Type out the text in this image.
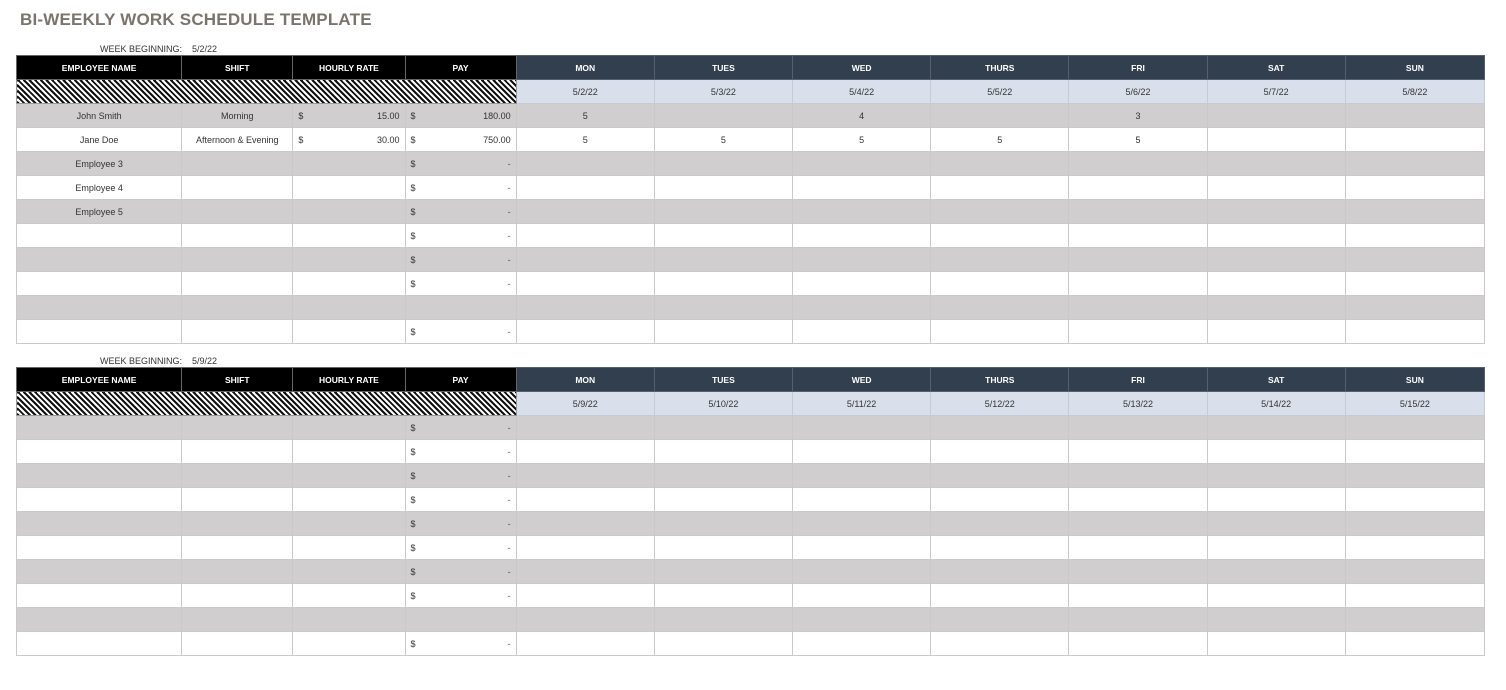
BI-WEEKLY WORK SCHEDULE TEMPLATE
WEEK BEGINNING: 5/2/22
EMPLOYEE NAME	SHIFT	HOURLY RATE	PAY	MON	TUES	WED	THURS	FRI	SAT	SUN
				5/2/22	5/3/22	5/4/22	5/5/22	5/6/22	5/7/22	5/8/22
John Smith	Morning	$ 15.00	$ 180.00	5		4		3		
Jane Doe	Afternoon & Evening	$ 30.00	$ 750.00	5	5	5	5	5		
Employee 3			$ -							

Employee 4			$ -							

Employee 5			$ -							

			$ -							

			$ -							

			$ -							

			$ -							

WEEK BEGINNING: 5/9/22
EMPLOYEE NAME	SHIFT	HOURLY RATE	PAY	MON	TUES	WED	THURS	FRI	SAT	SUN
				5/9/22	5/10/22	5/11/22	5/12/22	5/13/22	5/14/22	5/15/22

			$ -							

			$ -							

			$ -							

			$ -							

			$ -							

			$ -							

			$ -							

			$ -							

			$ -							
